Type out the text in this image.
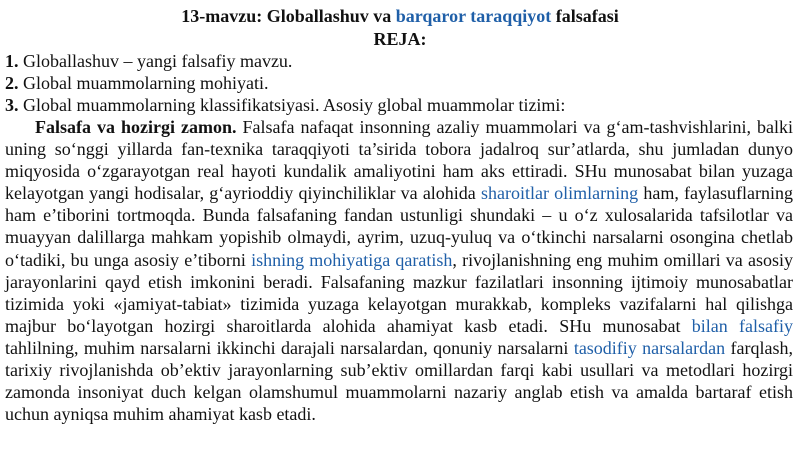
13-mavzu: Globallashuv va barqaror taraqqiyot falsafasi
REJA:
1. Globallashuv – yangi falsafiy mavzu.
2. Global muammolarning mohiyati.
3. Global muammolarning klassifikatsiyasi. Asosiy global muammolar tizimi:

Falsafa va hozirgi zamon. Falsafa nafaqat insonning azaliy muammolari va g‘am-tashvishlarini, balki uning so‘nggi yillarda fan-texnika taraqqiyoti ta’sirida tobora jadalroq sur’atlarda, shu jumladan dunyo miqyosida o‘zgarayotgan real hayoti kundalik amaliyotini ham aks ettiradi. SHu munosabat bilan yuzaga kelayotgan yangi hodisalar, g‘ayrioddiy qiyinchiliklar va alohida sharoitlar olimlarning ham, faylasuflarning ham e’tiborini tortmoqda. Bunda falsafaning fandan ustunligi shundaki – u o‘z xulosalarida tafsilotlar va muayyan dalillarga mahkam yopishib olmaydi, ayrim, uzuq-yuluq va o‘tkinchi narsalarni osongina chetlab o‘tadiki, bu unga asosiy e’tiborni ishning mohiyatiga qaratish, rivojlanishning eng muhim omillari va asosiy jarayonlarini qayd etish imkonini beradi. Falsafaning mazkur fazilatlari insonning ijtimoiy munosabatlar tizimida yoki «jamiyat-tabiat» tizimida yuzaga kelayotgan murakkab, kompleks vazifalarni hal qilishga majbur bo‘layotgan hozirgi sharoitlarda alohida ahamiyat kasb etadi. SHu munosabat bilan falsafiy tahlilning, muhim narsalarni ikkinchi darajali narsalardan, qonuniy narsalarni tasodifiy narsalardan farqlash, tarixiy rivojlanishda ob’ektiv jarayonlarning sub’ektiv omillardan farqi kabi usullari va metodlari hozirgi zamonda insoniyat duch kelgan olamshumul muammolarni nazariy anglab etish va amalda bartaraf etish uchun ayniqsa muhim ahamiyat kasb etadi.
